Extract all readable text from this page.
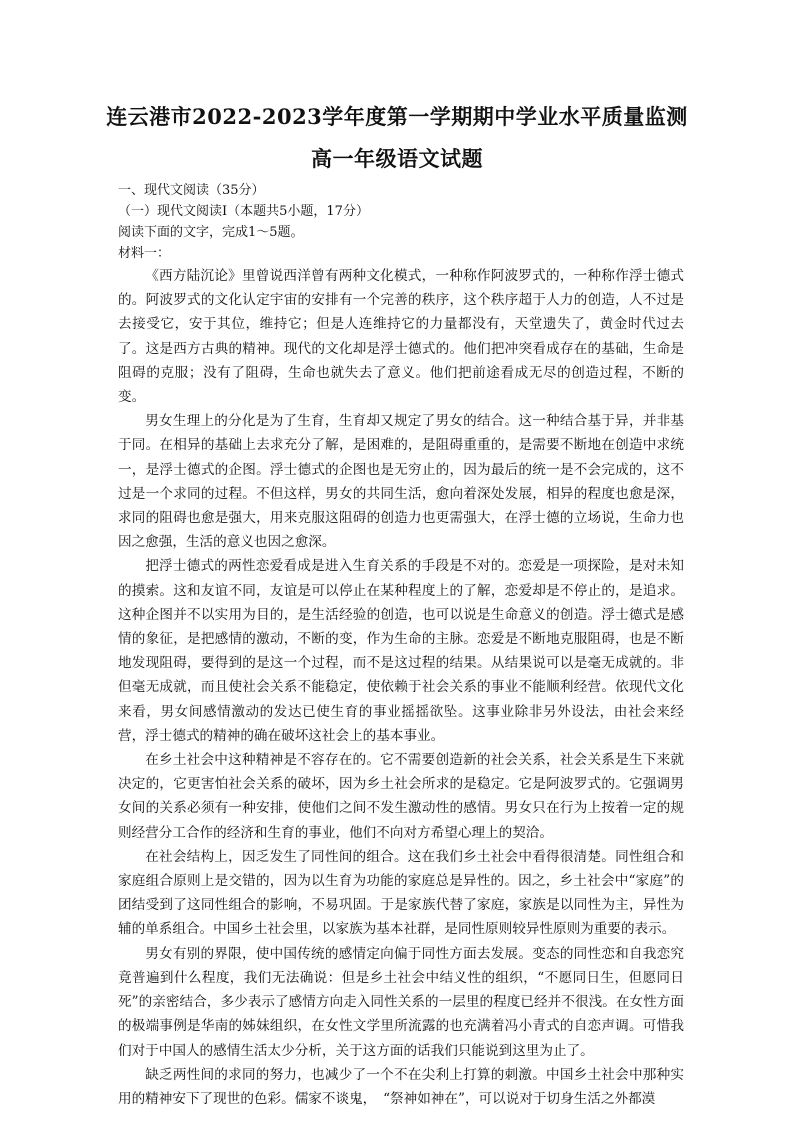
连云港市2022-2023学年度第一学期期中学业水平质量监测
高一年级语文试题

一、现代文阅读（35分）

（一）现代文阅读Ⅰ（本题共5小题，17分）

阅读下面的文字，完成1～5题。

材料一：

《西方陆沉论》里曾说西洋曾有两种文化模式，一种称作阿波罗式的，一种称作浮士德式的。阿波罗式的文化认定宇宙的安排有一个完善的秩序，这个秩序超于人力的创造，人不过是去接受它，安于其位，维持它；但是人连维持它的力量都没有，天堂遗失了，黄金时代过去了。这是西方古典的精神。现代的文化却是浮士德式的。他们把冲突看成存在的基础，生命是阻碍的克服；没有了阻碍，生命也就失去了意义。他们把前途看成无尽的创造过程，不断的变。

男女生理上的分化是为了生育，生育却又规定了男女的结合。这一种结合基于异，并非基于同。在相异的基础上去求充分了解，是困难的，是阻碍重重的，是需要不断地在创造中求统一，是浮士德式的企图。浮士德式的企图也是无穷止的，因为最后的统一是不会完成的，这不过是一个求同的过程。不但这样，男女的共同生活，愈向着深处发展，相异的程度也愈是深，求同的阻碍也愈是强大，用来克服这阻碍的创造力也更需强大，在浮士德的立场说，生命力也因之愈强，生活的意义也因之愈深。

把浮士德式的两性恋爱看成是进入生育关系的手段是不对的。恋爱是一项探险，是对未知的摸索。这和友谊不同，友谊是可以停止在某种程度上的了解，恋爱却是不停止的，是追求。这种企图并不以实用为目的，是生活经验的创造，也可以说是生命意义的创造。浮士德式是感情的象征，是把感情的激动，不断的变，作为生命的主脉。恋爱是不断地克服阻碍，也是不断地发现阻碍，要得到的是这一个过程，而不是这过程的结果。从结果说可以是毫无成就的。非但毫无成就，而且使社会关系不能稳定，使依赖于社会关系的事业不能顺利经营。依现代文化来看，男女间感情激动的发达已使生育的事业摇摇欲坠。这事业除非另外设法，由社会来经营，浮士德式的精神的确在破坏这社会上的基本事业。

在乡土社会中这种精神是不容存在的。它不需要创造新的社会关系，社会关系是生下来就决定的，它更害怕社会关系的破坏，因为乡土社会所求的是稳定。它是阿波罗式的。它强调男女间的关系必须有一种安排，使他们之间不发生激动性的感情。男女只在行为上按着一定的规则经营分工合作的经济和生育的事业，他们不向对方希望心理上的契洽。

在社会结构上，因乏发生了同性间的组合。这在我们乡土社会中看得很清楚。同性组合和家庭组合原则上是交错的，因为以生育为功能的家庭总是异性的。因之，乡土社会中“家庭”的团结受到了这同性组合的影响，不易巩固。于是家族代替了家庭，家族是以同性为主，异性为辅的单系组合。中国乡土社会里，以家族为基本社群，是同性原则较异性原则为重要的表示。

男女有别的界限，使中国传统的感情定向偏于同性方面去发展。变态的同性恋和自我恋究竟普遍到什么程度，我们无法确说：但是乡土社会中结义性的组织，“不愿同日生，但愿同日死”的亲密结合，多少表示了感情方向走入同性关系的一层里的程度已经并不很浅。在女性方面的极端事例是华南的姊妹组织，在女性文学里所流露的也充满着冯小青式的自恋声调。可惜我们对于中国人的感情生活太少分析，关于这方面的话我们只能说到这里为止了。

缺乏两性间的求同的努力，也减少了一个不在尖利上打算的刺激。中国乡土社会中那种实用的精神安下了现世的色彩。儒家不谈鬼，　“祭神如神在”，可以说对于切身生活之外都漠
